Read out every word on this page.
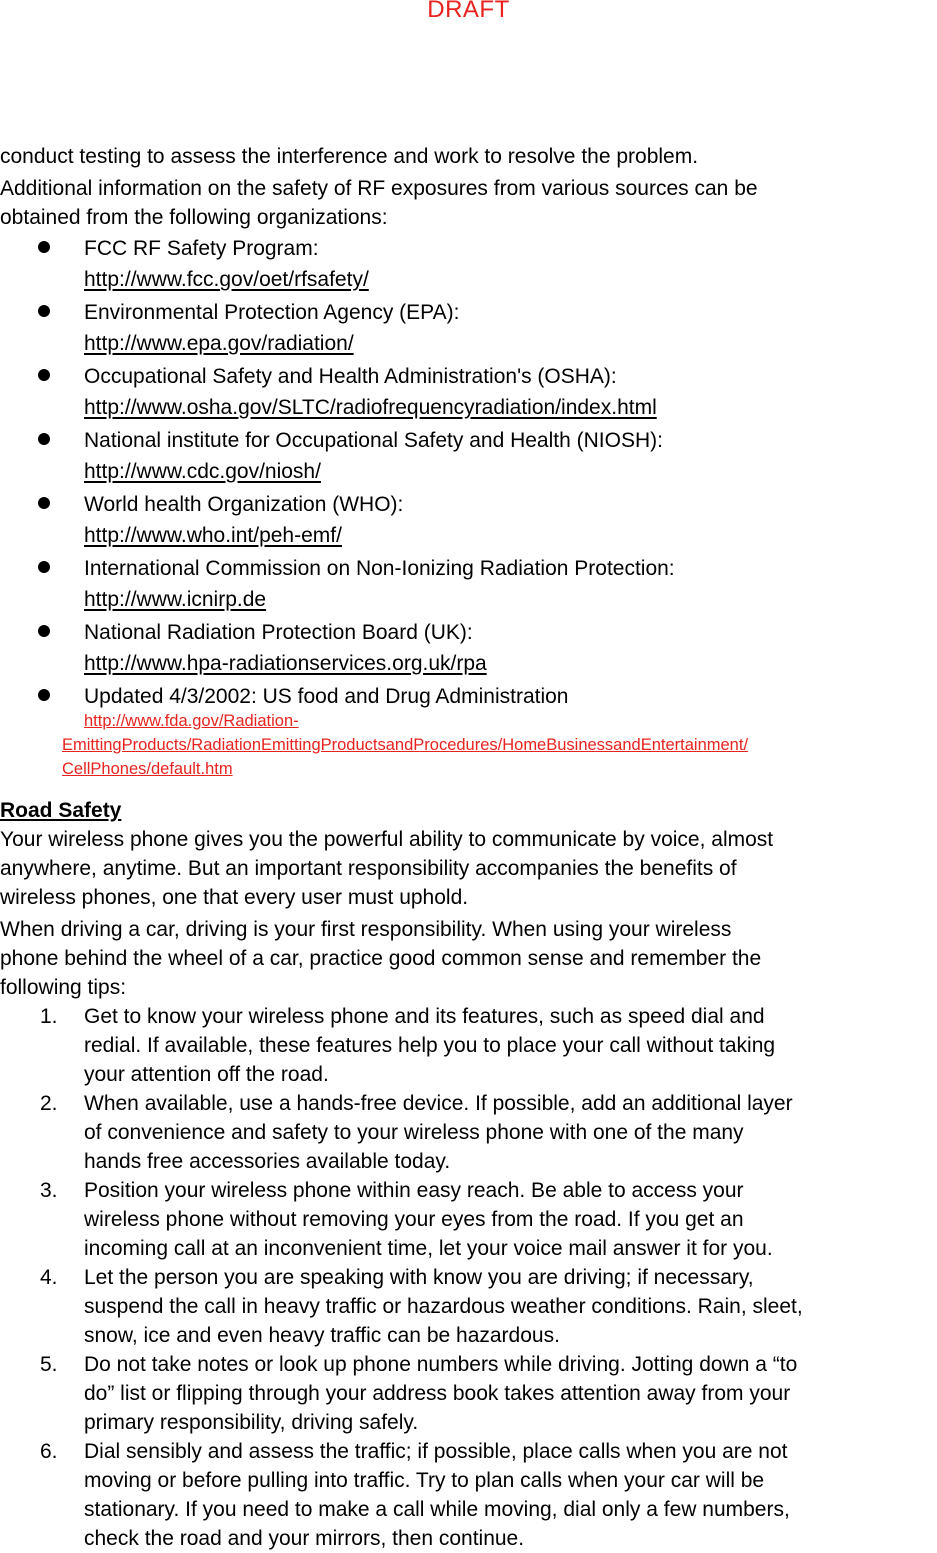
DRAFT

conduct testing to assess the interference and work to resolve the problem.

Additional information on the safety of RF exposures from various sources can be
obtained from the following organizations:

FCC RF Safety Program:
http://www.fcc.gov/oet/rfsafety/
Environmental Protection Agency (EPA):
http://www.epa.gov/radiation/
Occupational Safety and Health Administration's (OSHA):
http://www.osha.gov/SLTC/radiofrequencyradiation/index.html
National institute for Occupational Safety and Health (NIOSH):
http://www.cdc.gov/niosh/
World health Organization (WHO):
http://www.who.int/peh-emf/
International Commission on Non-Ionizing Radiation Protection:
http://www.icnirp.de
National Radiation Protection Board (UK):
http://www.hpa-radiationservices.org.uk/rpa
Updated 4/3/2002: US food and Drug Administration
http://www.fda.gov/Radiation-
EmittingProducts/RadiationEmittingProductsandProcedures/HomeBusinessandEntertainment/
CellPhones/default.htm
Road Safety

Your wireless phone gives you the powerful ability to communicate by voice, almost
anywhere, anytime. But an important responsibility accompanies the benefits of
wireless phones, one that every user must uphold.

When driving a car, driving is your first responsibility. When using your wireless
phone behind the wheel of a car, practice good common sense and remember the
following tips:

1. Get to know your wireless phone and its features, such as speed dial and
redial. If available, these features help you to place your call without taking
your attention off the road.
2. When available, use a hands-free device. If possible, add an additional layer
of convenience and safety to your wireless phone with one of the many
hands free accessories available today.
3. Position your wireless phone within easy reach. Be able to access your
wireless phone without removing your eyes from the road. If you get an
incoming call at an inconvenient time, let your voice mail answer it for you.
4. Let the person you are speaking with know you are driving; if necessary,
suspend the call in heavy traffic or hazardous weather conditions. Rain, sleet,
snow, ice and even heavy traffic can be hazardous.
5. Do not take notes or look up phone numbers while driving. Jotting down a “to
do” list or flipping through your address book takes attention away from your
primary responsibility, driving safely.
6. Dial sensibly and assess the traffic; if possible, place calls when you are not
moving or before pulling into traffic. Try to plan calls when your car will be
stationary. If you need to make a call while moving, dial only a few numbers,
check the road and your mirrors, then continue.
